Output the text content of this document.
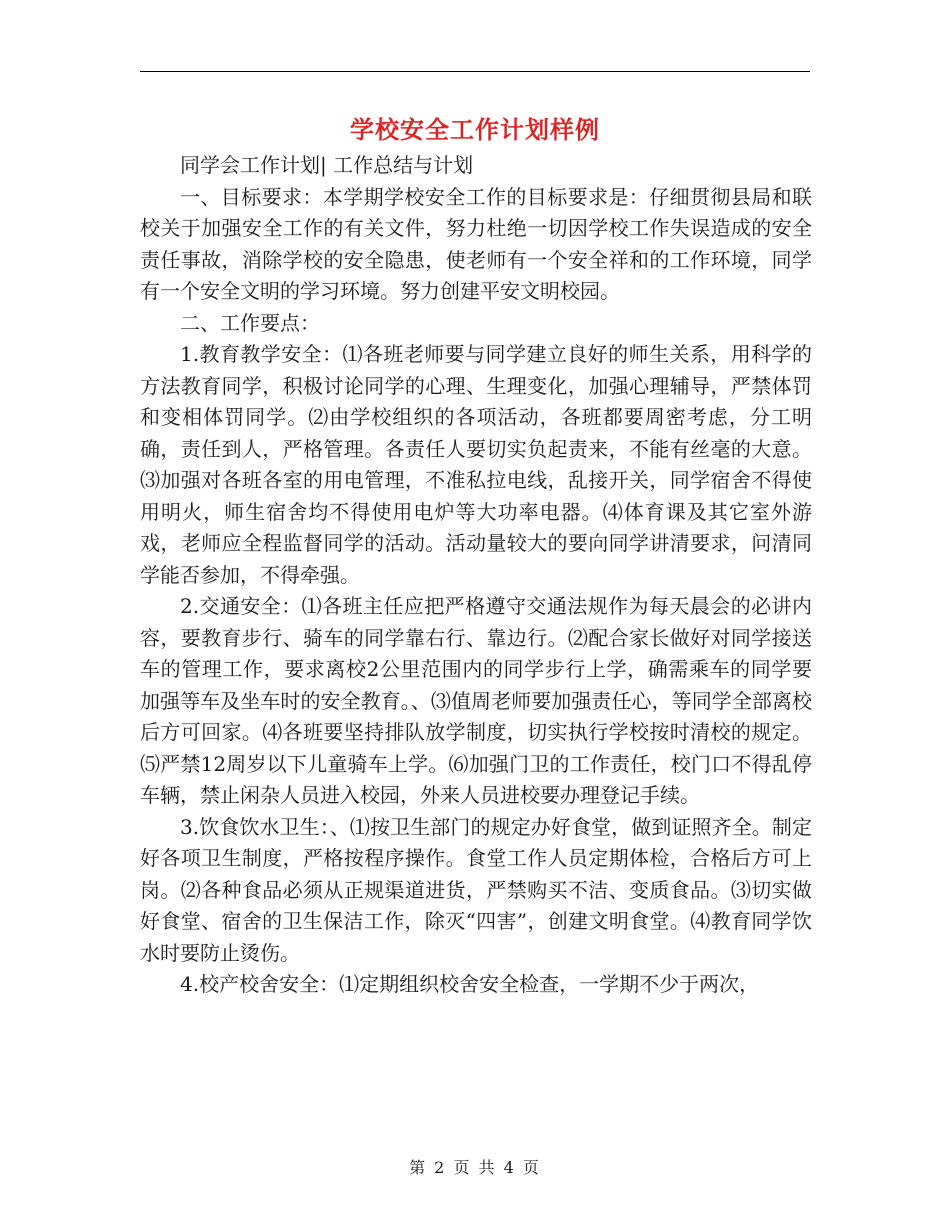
学校安全工作计划样例

同学会工作计划| 工作总结与计划

一、目标要求：本学期学校安全工作的目标要求是：仔细贯彻县局和联校关于加强安全工作的有关文件，努力杜绝一切因学校工作失误造成的安全责任事故，消除学校的安全隐患，使老师有一个安全祥和的工作环境，同学有一个安全文明的学习环境。努力创建平安文明校园。

二、工作要点：

1.教育教学安全：⑴各班老师要与同学建立良好的师生关系，用科学的方法教育同学，积极讨论同学的心理、生理变化，加强心理辅导，严禁体罚和变相体罚同学。⑵由学校组织的各项活动，各班都要周密考虑，分工明确，责任到人，严格管理。各责任人要切实负起责来，不能有丝毫的大意。⑶加强对各班各室的用电管理，不准私拉电线，乱接开关，同学宿舍不得使用明火，师生宿舍均不得使用电炉等大功率电器。⑷体育课及其它室外游戏，老师应全程监督同学的活动。活动量较大的要向同学讲清要求，问清同学能否参加，不得牵强。

2.交通安全：⑴各班主任应把严格遵守交通法规作为每天晨会的必讲内容，要教育步行、骑车的同学靠右行、靠边行。⑵配合家长做好对同学接送车的管理工作，要求离校2公里范围内的同学步行上学，确需乘车的同学要加强等车及坐车时的安全教育。、⑶值周老师要加强责任心，等同学全部离校后方可回家。⑷各班要坚持排队放学制度，切实执行学校按时清校的规定。⑸严禁12周岁以下儿童骑车上学。⑹加强门卫的工作责任，校门口不得乱停车辆，禁止闲杂人员进入校园，外来人员进校要办理登记手续。

3.饮食饮水卫生：、⑴按卫生部门的规定办好食堂，做到证照齐全。制定好各项卫生制度，严格按程序操作。食堂工作人员定期体检，合格后方可上岗。⑵各种食品必须从正规渠道进货，严禁购买不洁、变质食品。⑶切实做好食堂、宿舍的卫生保洁工作，除灭“四害”，创建文明食堂。⑷教育同学饮水时要防止烫伤。

4.校产校舍安全：⑴定期组织校舍安全检查，一学期不少于两次，

第 2 页 共 4 页
